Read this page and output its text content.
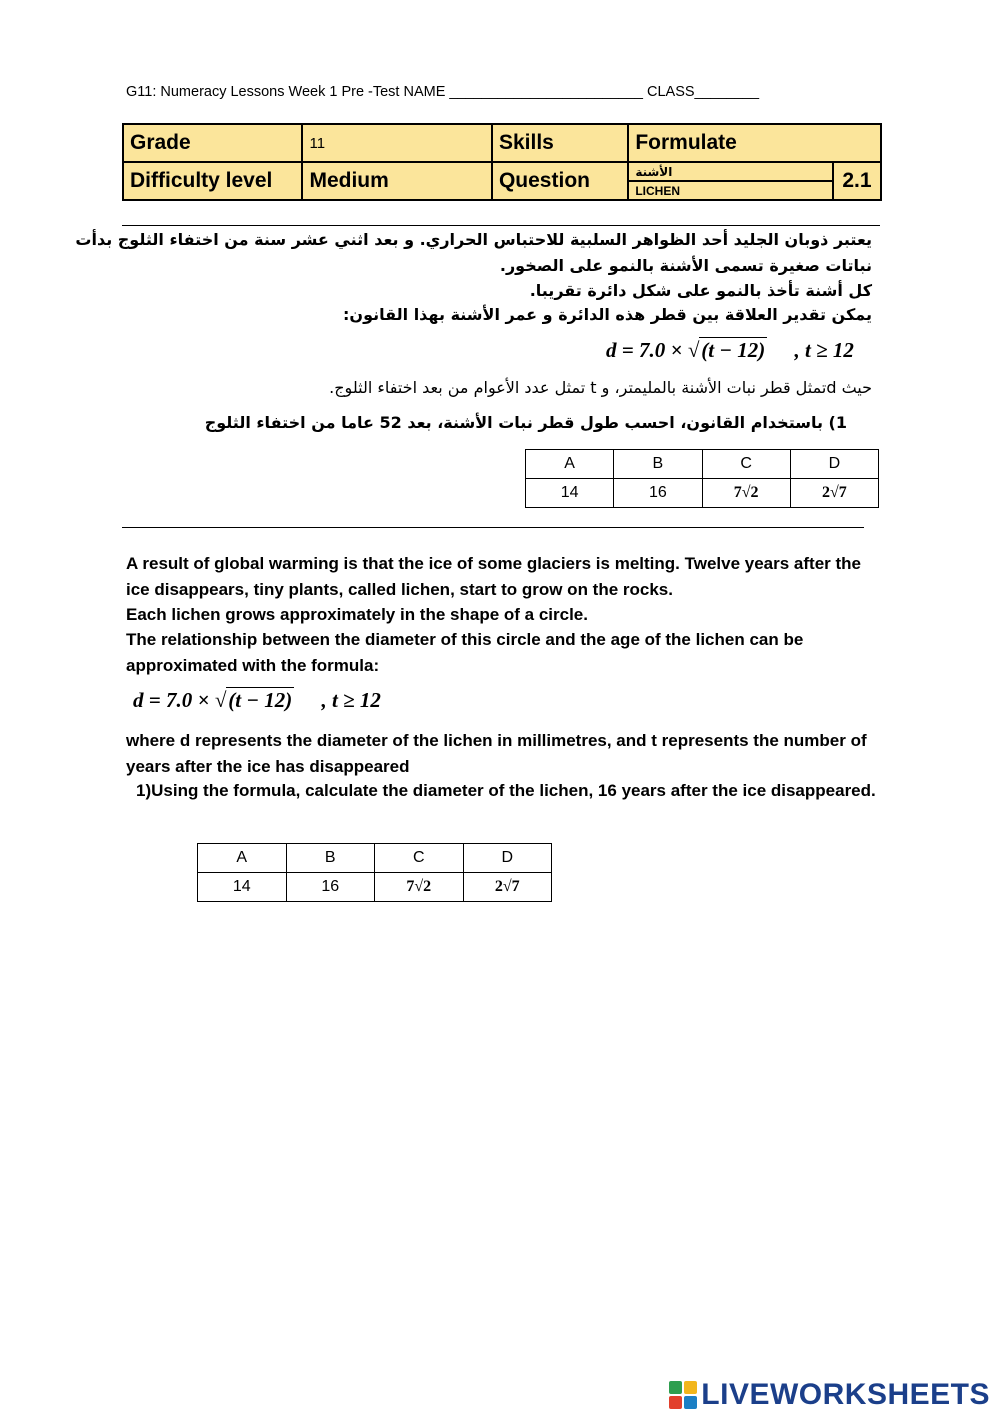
G11: Numeracy Lessons Week 1 Pre -Test NAME ________________________ CLASS________
Grade	11	Skills	Formulate	
Difficulty level	Medium	Question	الأشنة	2.1
			LICHEN	
يعتبر ذوبان الجليد أحد الظواهر السلبية للاحتباس الحراري. و بعد اثني عشر سنة من اختفاء الثلوج بدأت
نباتات صغيرة تسمى الأشنة بالنمو على الصخور.
كل أشنة تأخذ بالنمو على شكل دائرة تقريبا.
يمكن تقدير العلاقة بين قطر هذه الدائرة و عمر الأشنة بهذا القانون:
d = 7.0 × √(t − 12) , t ≥ 12
حيث dتمثل قطر نبات الأشنة بالمليمتر، و t تمثل عدد الأعوام من بعد اختفاء الثلوج.
1) باستخدام القانون، احسب طول قطر نبات الأشنة، بعد 52 عاما من اختفاء الثلوج
A	B	C	D
14	16	7√2	2√7
A result of global warming is that the ice of some glaciers is melting. Twelve years after the ice disappears, tiny plants, called lichen, start to grow on the rocks.
Each lichen grows approximately in the shape of a circle.
The relationship between the diameter of this circle and the age of the lichen can be approximated with the formula:
d = 7.0 × √(t − 12) , t ≥ 12
where d represents the diameter of the lichen in millimetres, and t represents the number of years after the ice has disappeared
1)Using the formula, calculate the diameter of the lichen, 16 years after the ice disappeared.
A	B	C	D
14	16	7√2	2√7
LIVEWORKSHEETS
